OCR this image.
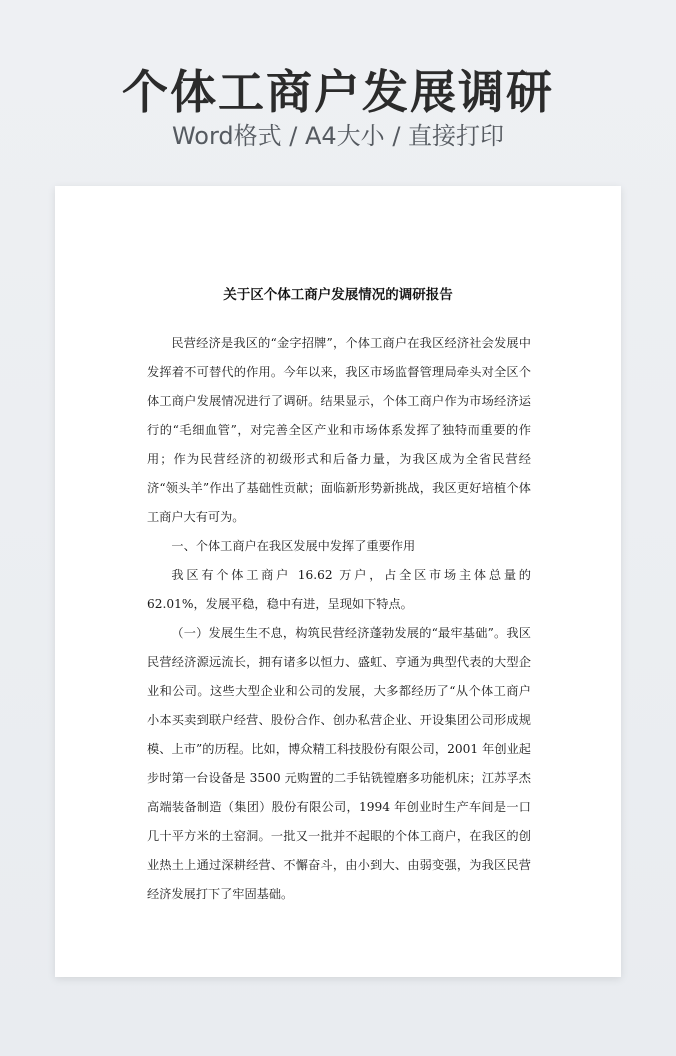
个体工商户发展调研
Word格式 / A4大小 / 直接打印
关于区个体工商户发展情况的调研报告

民营经济是我区的“金字招牌”，个体工商户在我区经济社会发展中发挥着不可替代的作用。今年以来，我区市场监督管理局牵头对全区个体工商户发展情况进行了调研。结果显示，个体工商户作为市场经济运行的“毛细血管”，对完善全区产业和市场体系发挥了独特而重要的作用；作为民营经济的初级形式和后备力量，为我区成为全省民营经济“领头羊”作出了基础性贡献；面临新形势新挑战，我区更好培植个体工商户大有可为。

一、个体工商户在我区发展中发挥了重要作用

我区有个体工商户 16.62 万户，占全区市场主体总量的 62.01%，发展平稳，稳中有进，呈现如下特点。

（一）发展生生不息，构筑民营经济蓬勃发展的“最牢基础”。我区民营经济源远流长，拥有诸多以恒力、盛虹、亨通为典型代表的大型企业和公司。这些大型企业和公司的发展，大多都经历了“从个体工商户小本买卖到联户经营、股份合作、创办私营企业、开设集团公司形成规模、上市”的历程。比如，博众精工科技股份有限公司，2001 年创业起步时第一台设备是 3500 元购置的二手钻铣镗磨多功能机床；江苏孚杰高端装备制造（集团）股份有限公司，1994 年创业时生产车间是一口几十平方米的土窑洞。一批又一批并不起眼的个体工商户，在我区的创业热土上通过深耕经营、不懈奋斗，由小到大、由弱变强，为我区民营经济发展打下了牢固基础。
